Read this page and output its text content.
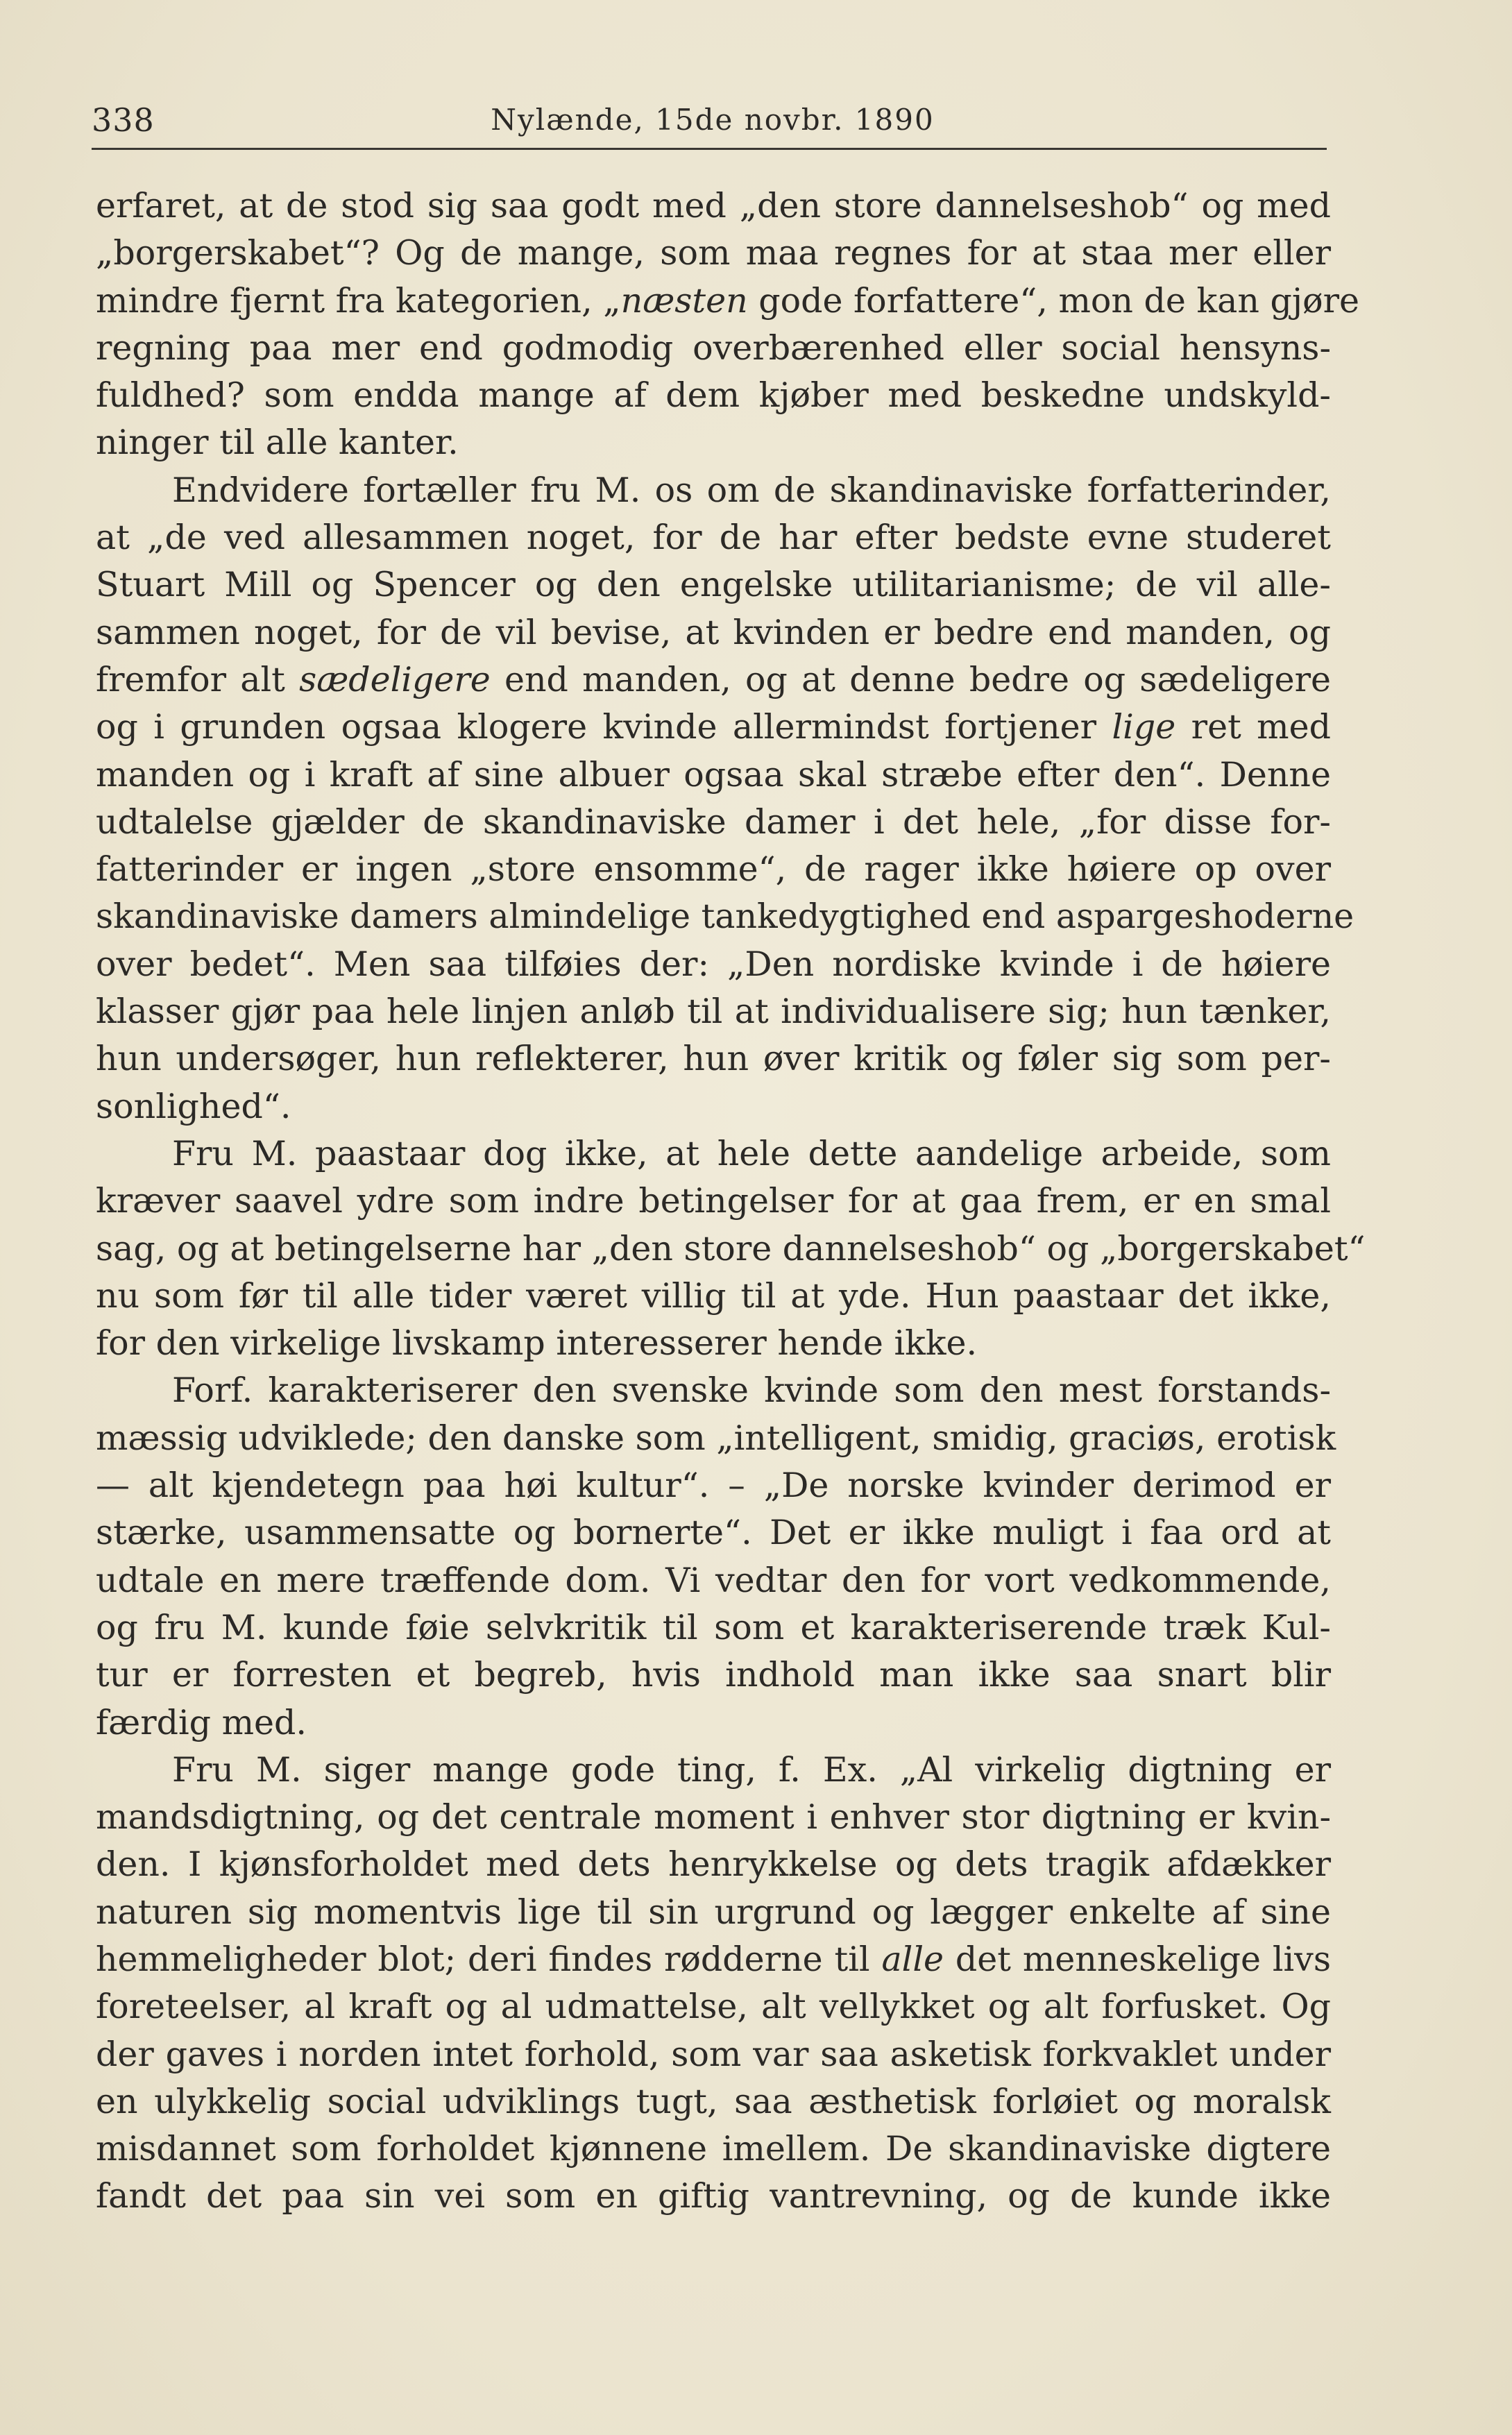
338	Nylænde, 15de novbr. 1890
erfaret, at de stod sig saa godt med „den store dannelseshob“ og med
„borgerskabet“? Og de mange, som maa regnes for at staa mer eller
mindre fjernt fra kategorien, „næsten gode forfattere“, mon de kan gjøre
regning paa mer end godmodig overbærenhed eller social hensyns-
fuldhed? som endda mange af dem kjøber med beskedne undskyld-
ninger til alle kanter.
Endvidere fortæller fru M. os om de skandinaviske forfatterinder,
at „de ved allesammen noget, for de har efter bedste evne studeret
Stuart Mill og Spencer og den engelske utilitarianisme; de vil alle-
sammen noget, for de vil bevise, at kvinden er bedre end manden, og
fremfor alt sædeligere end manden, og at denne bedre og sædeligere
og i grunden ogsaa klogere kvinde allermindst fortjener lige ret med
manden og i kraft af sine albuer ogsaa skal stræbe efter den“. Denne
udtalelse gjælder de skandinaviske damer i det hele, „for disse for-
fatterinder er ingen „store ensomme“, de rager ikke høiere op over
skandinaviske damers almindelige tankedygtighed end aspargeshoderne
over bedet“. Men saa tilføies der: „Den nordiske kvinde i de høiere
klasser gjør paa hele linjen anløb til at individualisere sig; hun tænker,
hun undersøger, hun reflekterer, hun øver kritik og føler sig som per-
sonlighed“.
Fru M. paastaar dog ikke, at hele dette aandelige arbeide, som
kræver saavel ydre som indre betingelser for at gaa frem, er en smal
sag, og at betingelserne har „den store dannelseshob“ og „borgerskabet“
nu som før til alle tider været villig til at yde. Hun paastaar det ikke,
for den virkelige livskamp interesserer hende ikke.
Forf. karakteriserer den svenske kvinde som den mest forstands-
mæssig udviklede; den danske som „intelligent, smidig, graciøs, erotisk
— alt kjendetegn paa høi kultur“. – „De norske kvinder derimod er
stærke, usammensatte og bornerte“. Det er ikke muligt i faa ord at
udtale en mere træffende dom. Vi vedtar den for vort vedkommende,
og fru M. kunde føie selvkritik til som et karakteriserende træk Kul-
tur er forresten et begreb, hvis indhold man ikke saa snart blir
færdig med.
Fru M. siger mange gode ting, f. Ex. „Al virkelig digtning er
mandsdigtning, og det centrale moment i enhver stor digtning er kvin-
den. I kjønsforholdet med dets henrykkelse og dets tragik afdækker
naturen sig momentvis lige til sin urgrund og lægger enkelte af sine
hemmeligheder blot; deri findes rødderne til alle det menneskelige livs
foreteelser, al kraft og al udmattelse, alt vellykket og alt forfusket. Og
der gaves i norden intet forhold, som var saa asketisk forkvaklet under
en ulykkelig social udviklings tugt, saa æsthetisk forløiet og moralsk
misdannet som forholdet kjønnene imellem. De skandinaviske digtere
fandt det paa sin vei som en giftig vantrevning, og de kunde ikke
